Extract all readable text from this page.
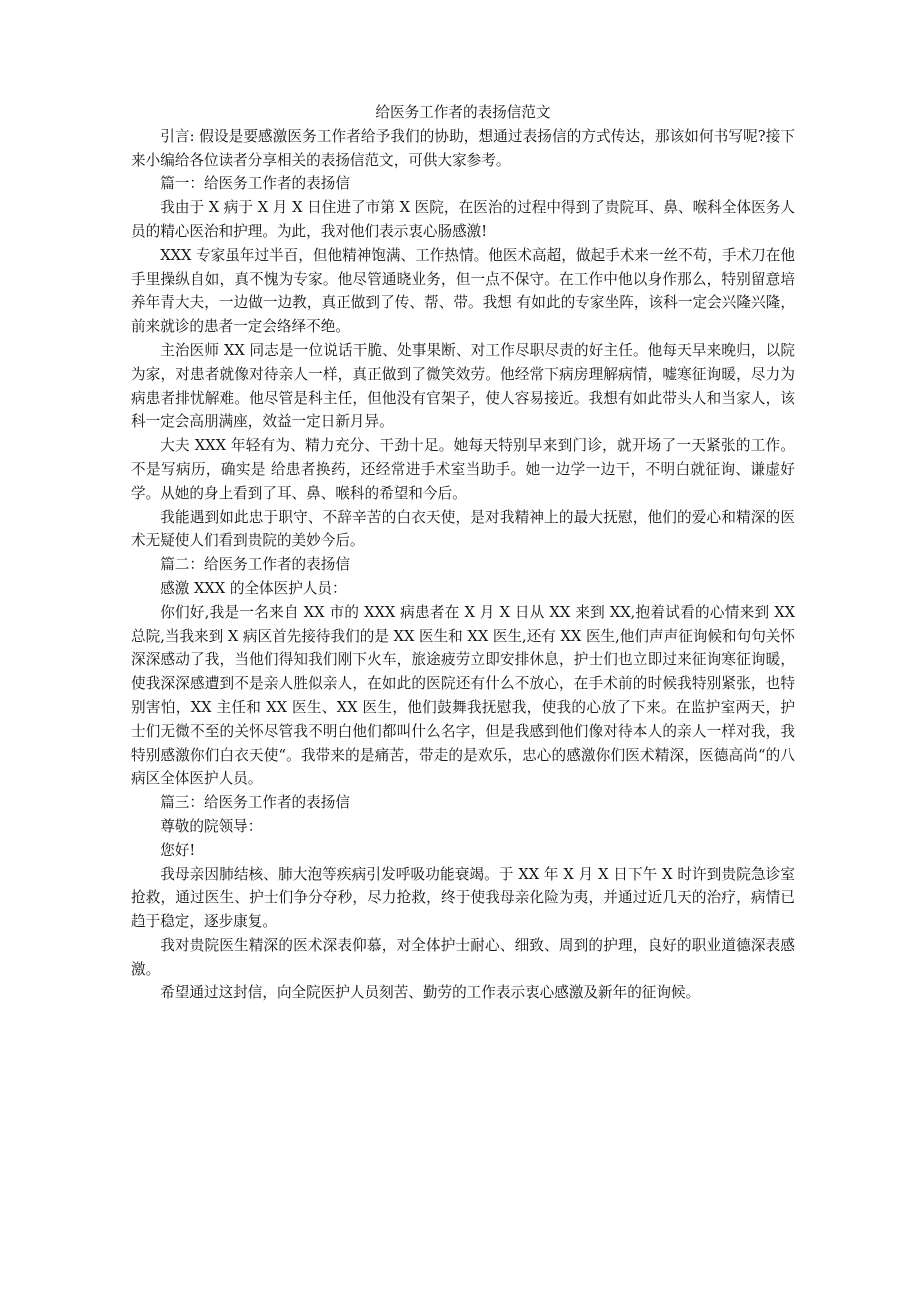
给医务工作者的表扬信范文

引言: 假设是要感激医务工作者给予我们的协助，想通过表扬信的方式传达，那该如何书写呢?接下来小编给各位读者分享相关的表扬信范文，可供大家参考。

篇一：给医务工作者的表扬信

我由于 X 病于 X 月 X 日住进了市第 X 医院，在医治的过程中得到了贵院耳、鼻、喉科全体医务人员的精心医治和护理。为此，我对他们表示衷心肠感激!

XXX 专家虽年过半百，但他精神饱满、工作热情。他医术高超，做起手术来一丝不苟，手术刀在他手里操纵自如，真不愧为专家。他尽管通晓业务，但一点不保守。在工作中他以身作那么，特别留意培养年青大夫，一边做一边教，真正做到了传、帮、带。我想 有如此的专家坐阵，该科一定会兴隆兴隆，前来就诊的患者一定会络绎不绝。

主治医师 XX 同志是一位说话干脆、处事果断、对工作尽职尽责的好主任。他每天早来晚归，以院为家，对患者就像对待亲人一样，真正做到了微笑效劳。他经常下病房理解病情，嘘寒征询暖，尽力为病患者排忧解难。他尽管是科主任，但他没有官架子，使人容易接近。我想有如此带头人和当家人，该科一定会高朋满座，效益一定日新月异。

大夫 XXX 年轻有为、精力充分、干劲十足。她每天特别早来到门诊，就开场了一天紧张的工作。不是写病历，确实是 给患者换药，还经常进手术室当助手。她一边学一边干，不明白就征询、谦虚好学。从她的身上看到了耳、鼻、喉科的希望和今后。

我能遇到如此忠于职守、不辞辛苦的白衣天使，是对我精神上的最大抚慰，他们的爱心和精深的医术无疑使人们看到贵院的美妙今后。

篇二：给医务工作者的表扬信

感激 XXX 的全体医护人员：

你们好,我是一名来自 XX 市的 XXX 病患者在 X 月 X 日从 XX 来到 XX,抱着试看的心情来到 XX 总院,当我来到 X 病区首先接待我们的是 XX 医生和 XX 医生,还有 XX 医生,他们声声征询候和句句关怀深深感动了我，当他们得知我们刚下火车，旅途疲劳立即安排休息，护士们也立即过来征询寒征询暖，使我深深感遭到不是亲人胜似亲人，在如此的医院还有什么不放心，在手术前的时候我特别紧张，也特别害怕，XX 主任和 XX 医生、XX 医生，他们鼓舞我抚慰我，使我的心放了下来。在监护室两天，护士们无微不至的关怀尽管我不明白他们都叫什么名字，但是我感到他们像对待本人的亲人一样对我，我特别感激你们白衣天使“。我带来的是痛苦，带走的是欢乐，忠心的感激你们医术精深，医德高尚“的八病区全体医护人员。

篇三：给医务工作者的表扬信

尊敬的院领导：

您好!

我母亲因肺结核、肺大泡等疾病引发呼吸功能衰竭。于 XX 年 X 月 X 日下午 X 时许到贵院急诊室抢救，通过医生、护士们争分夺秒，尽力抢救，终于使我母亲化险为夷，并通过近几天的治疗，病情已趋于稳定，逐步康复。

我对贵院医生精深的医术深表仰慕，对全体护士耐心、细致、周到的护理，良好的职业道德深表感激。

希望通过这封信，向全院医护人员刻苦、勤劳的工作表示衷心感激及新年的征询候。
